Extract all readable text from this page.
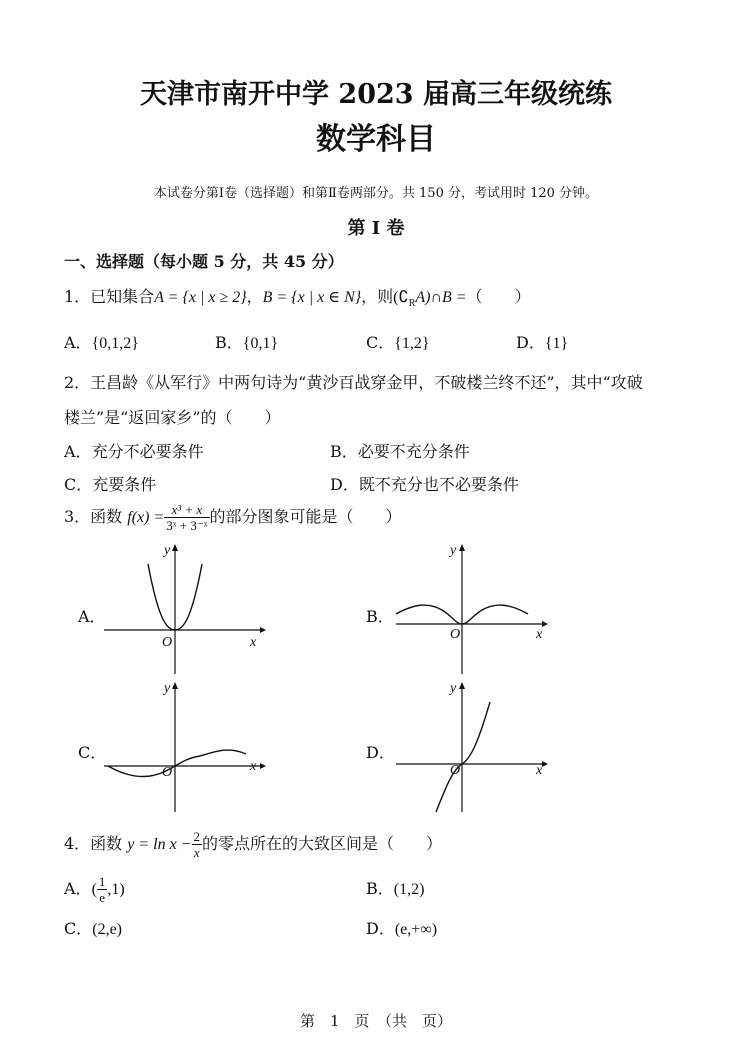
天津市南开中学 2023 届高三年级统练
数学科目
本试卷分第Ⅰ卷（选择题）和第Ⅱ卷两部分。共 150 分，考试用时 120 分钟。
第 Ⅰ 卷
一、选择题（每小题 5 分，共 45 分）
1．已知集合A = {x | x ≥ 2}，B = {x | x ∈ N}，则$(∁_RA)\cap B$ =（　　）
A．{0,1,2}	B．{0,1}	C．{1,2}	D．{1}
2．王昌龄《从军行》中两句诗为“黄沙百战穿金甲，不破楼兰终不还”，其中“攻破
楼兰”是“返回家乡”的（　　）
A．充分不必要条件	B．必要不充分条件
C．充要条件	D．既不充分也不必要条件
3．函数 $f(x) = \frac{\text{x³ + x}}{\text{3ˣ + 3⁻ˣ}}$ 的部分图象可能是（　　）
A．
y
x
O
B．
y
x
O
C．
y
x
O
D．
y
x
O
4．函数 $y = \ln x - \frac{2}{x}$ 的零点所在的大致区间是（　　）
A．( $\frac{1}{e} ,1$)	B．(1,2)
C．(2,e)	D．(e,+∞)
第　1　页　（共　页）
